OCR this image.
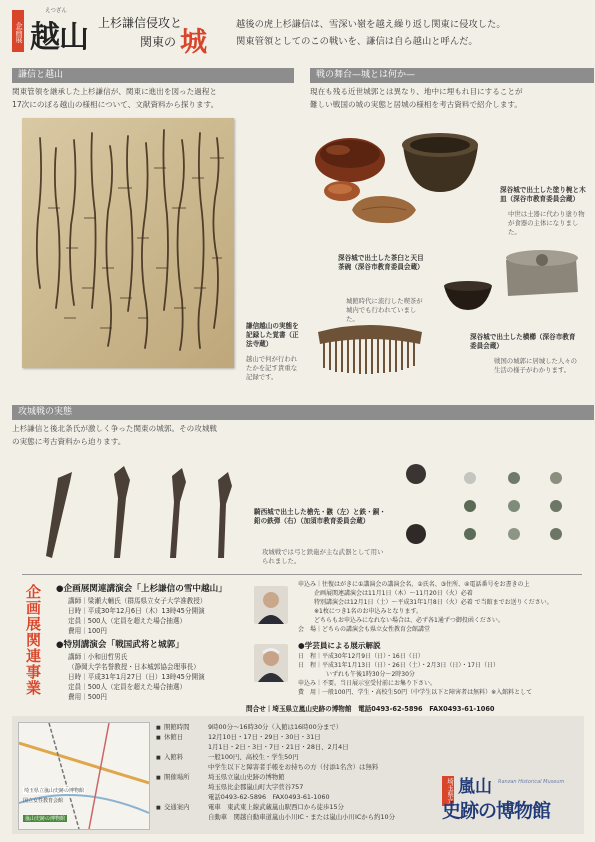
企画展
えつざん
越山 上杉謙信侵攻と
関東の 城
越後の虎上杉謙信は、雪深い嶺を越え繰り返し関東に侵攻した。
関東管領としてのこの戦いを、謙信は自ら越山と呼んだ。
謙信と越山
関東管領を継承した上杉謙信が、関東に進出を図った過程と
17次にのぼる越山の様相について、文献資料から探ります。
謙信越山の実態を記録した覚書（正法寺蔵）
越山で何が行われたかを記す貴重な記録です。
戦の舞台—城とは何か—
現在も残る近世城郭とは異なり、地中に埋もれ目にすることが
難しい戦国の城の実態と居城の様相を考古資料で紹介します。
深谷城で出土した塗り椀と木皿（深谷市教育委員会蔵）
中世は土器に代わり塗り物が食器の主体になりました。
深谷城で出土した茶臼と天目茶碗（深谷市教育委員会蔵）
城館時代に流行した喫茶が城内でも行われていました。
深谷城で出土した横櫛（深谷市教育委員会蔵）
戦国の城郭に居城した人々の生活の様子がわかります。
攻城戦の実態
上杉謙信と後北条氏が激しく争った関東の城郭。その攻城戦
の実態に考古資料から迫ります。
騎西城で出土した槍先・鏃（左）と鉄・銅・鉛の鉄弾（右）（加須市教育委員会蔵）
攻城戦では弓と鉄砲が主な武器として用いられました。
企画展関連事業 ●企画展関連講演会「上杉謙信の雪中越山」
講師｜梁瀬大輔氏（群馬県立女子大学准教授）
日時｜平成30年12月6日（木）13時45分開演
定員｜500人（定員を超えた場合抽選）
費用｜100円
●特別講演会「戦国武将と城郭」
講師｜小和田哲男氏
（静岡大学名誉教授・日本城郭協会理事長）
日時｜平成31年1月27日（日）13時45分開演
定員｜500人（定員を超えた場合抽選）
費用｜500円
申込み｜往復はがきに①講演会の講演会名、②氏名、③住所、④電話番号をお書きの上
企画展関連講演会は11月1日（木）〜11月20日（火）必着
特別講演会は12月1日（土）〜平成31年1月8日（火）必着 で当館までお送りください。
※1枚につき1名のお申込みとなります。
どちらもお申込みになれない場合は、必ず各1通ずつ御投函ください。
会　場｜どちらの講演会も県立女性教育会館講堂
●学芸員による展示解説
日　程｜平成30年12月9日（日）・16日（日）
日　程｜平成31年1月13日（日）・26日（土）・2月3日（日）・17日（日）
いずれも午後1時30分〜2時30分
申込み｜不要。当日展示室受付前にお集り下さい。
費　用｜一般100円、学生・高校生50円（中学生以下と障害者は無料）※入館料として
問合せ｜埼玉県立嵐山史跡の博物館　電話0493-62-5896　FAX0493-61-1060
埼玉県立嵐山史跡の博物館
国立女性教育会館
嵐山史跡の博物館
■ 開館時間	9時00分〜16時30分（入館は16時00分まで）
■ 休館日	12月10日・17日・29日・30日・31日
1月1日・2日・3日・7日・21日・28日、2月4日
■ 入館料	一般100円、高校生・学生50円
中学生以下と障害者手帳をお持ちの方（付添1名含）は無料
■ 開催場所	埼玉県立嵐山史跡の博物館
埼玉県比企郡嵐山町大字菅谷757
電話0493-62-5896　FAX0493-61-1060
■ 交通案内	電車　東武東上線武蔵嵐山駅西口から徒歩15分
自動車　関越自動車道嵐山小川IC・または嵐山小川ICから約10分
埼玉県立 嵐山 Ranzan Historical Museum
史跡の博物館
